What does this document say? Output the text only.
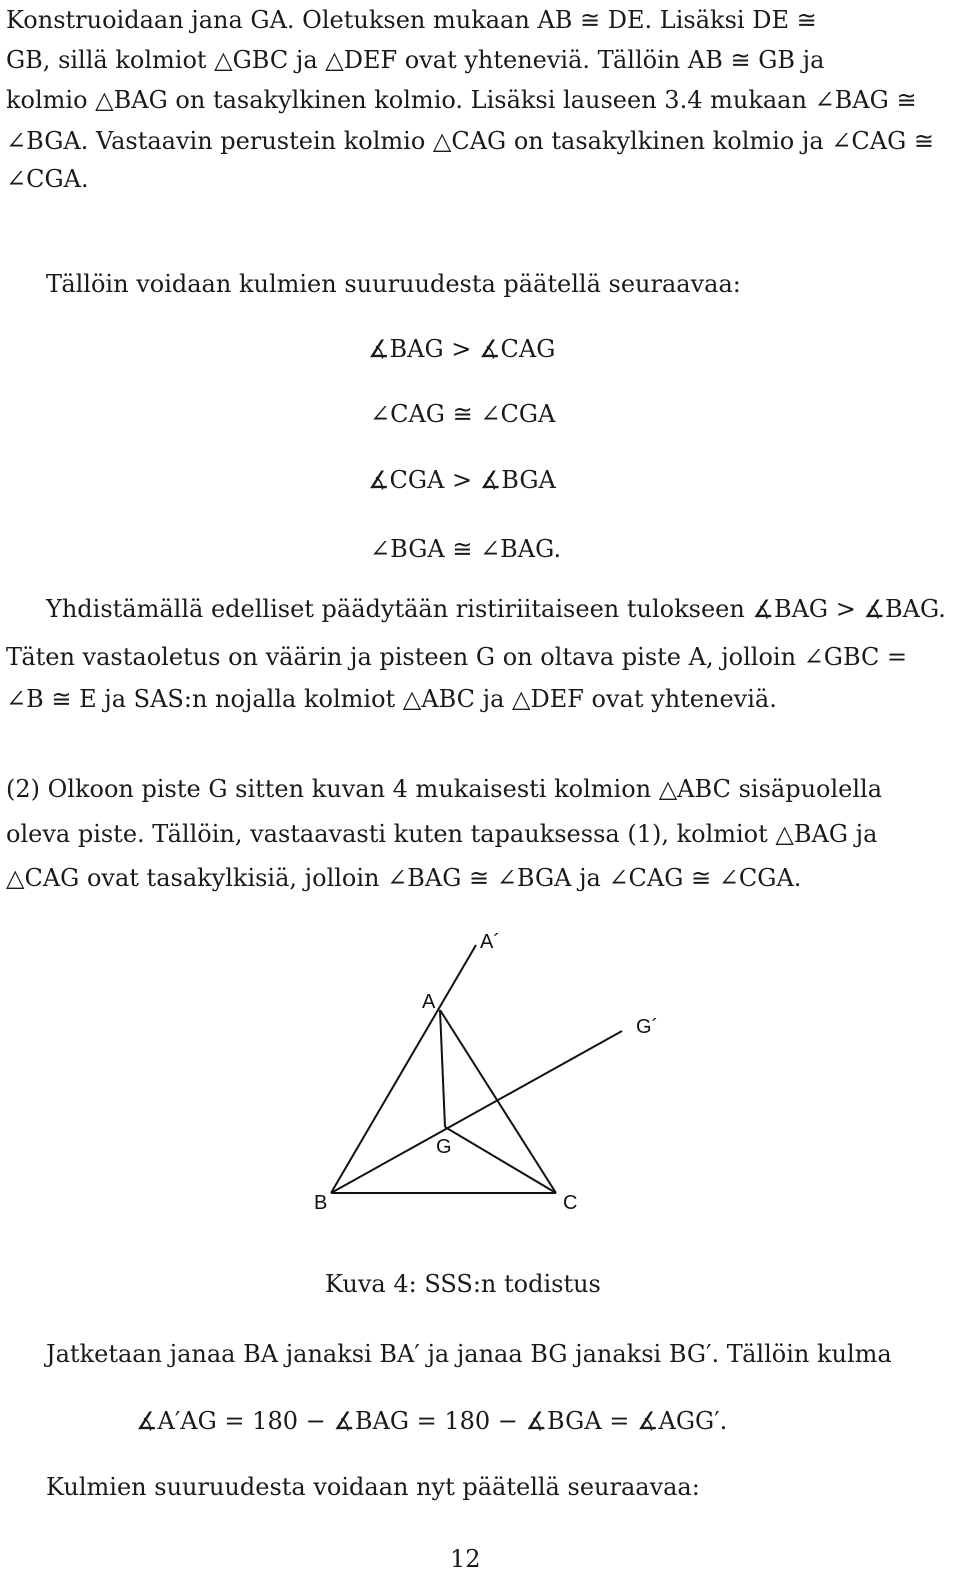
Konstruoidaan jana GA. Oletuksen mukaan AB ≅ DE. Lisäksi DE ≅
GB, sillä kolmiot △GBC ja △DEF ovat yhteneviä. Tällöin AB ≅ GB ja
kolmio △BAG on tasakylkinen kolmio. Lisäksi lauseen 3.4 mukaan ∠BAG ≅
∠BGA. Vastaavin perustein kolmio △CAG on tasakylkinen kolmio ja ∠CAG ≅
∠CGA.
Tällöin voidaan kulmien suuruudesta päätellä seuraavaa:
∡BAG > ∡CAG
∠CAG ≅ ∠CGA
∡CGA > ∡BGA
∠BGA ≅ ∠BAG.
Yhdistämällä edelliset päädytään ristiriitaiseen tulokseen ∡BAG > ∡BAG.
Täten vastaoletus on väärin ja pisteen G on oltava piste A, jolloin ∠GBC =
∠B ≅ E ja SAS:n nojalla kolmiot △ABC ja △DEF ovat yhteneviä.
(2) Olkoon piste G sitten kuvan 4 mukaisesti kolmion △ABC sisäpuolella
oleva piste. Tällöin, vastaavasti kuten tapauksessa (1), kolmiot △BAG ja
△CAG ovat tasakylkisiä, jolloin ∠BAG ≅ ∠BGA ja ∠CAG ≅ ∠CGA.
A´
A
G´
G
B	C
Kuva 4: SSS:n todistus
Jatketaan janaa BA janaksi BA′ ja janaa BG janaksi BG′. Tällöin kulma
∡A′AG = 180 − ∡BAG = 180 − ∡BGA = ∡AGG′.
Kulmien suuruudesta voidaan nyt päätellä seuraavaa:
12
